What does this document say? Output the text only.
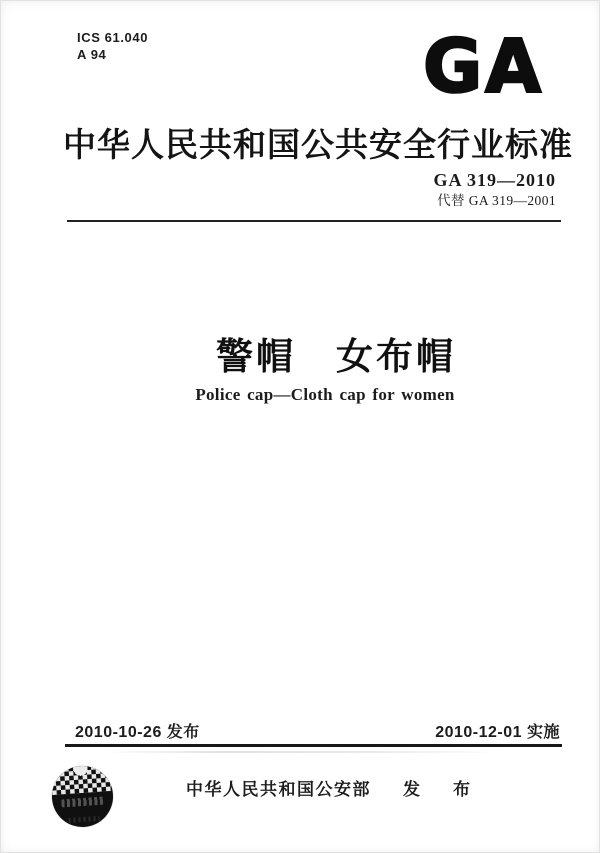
ICS 61.040
A 94	GA
中华人民共和国公共安全行业标准
GA 319—2010
代替 GA 319—2001
警帽　女布帽
Police cap—Cloth cap for women
2010-10-26 发布	2010-12-01 实施
中华人民共和国公安部 发　布
